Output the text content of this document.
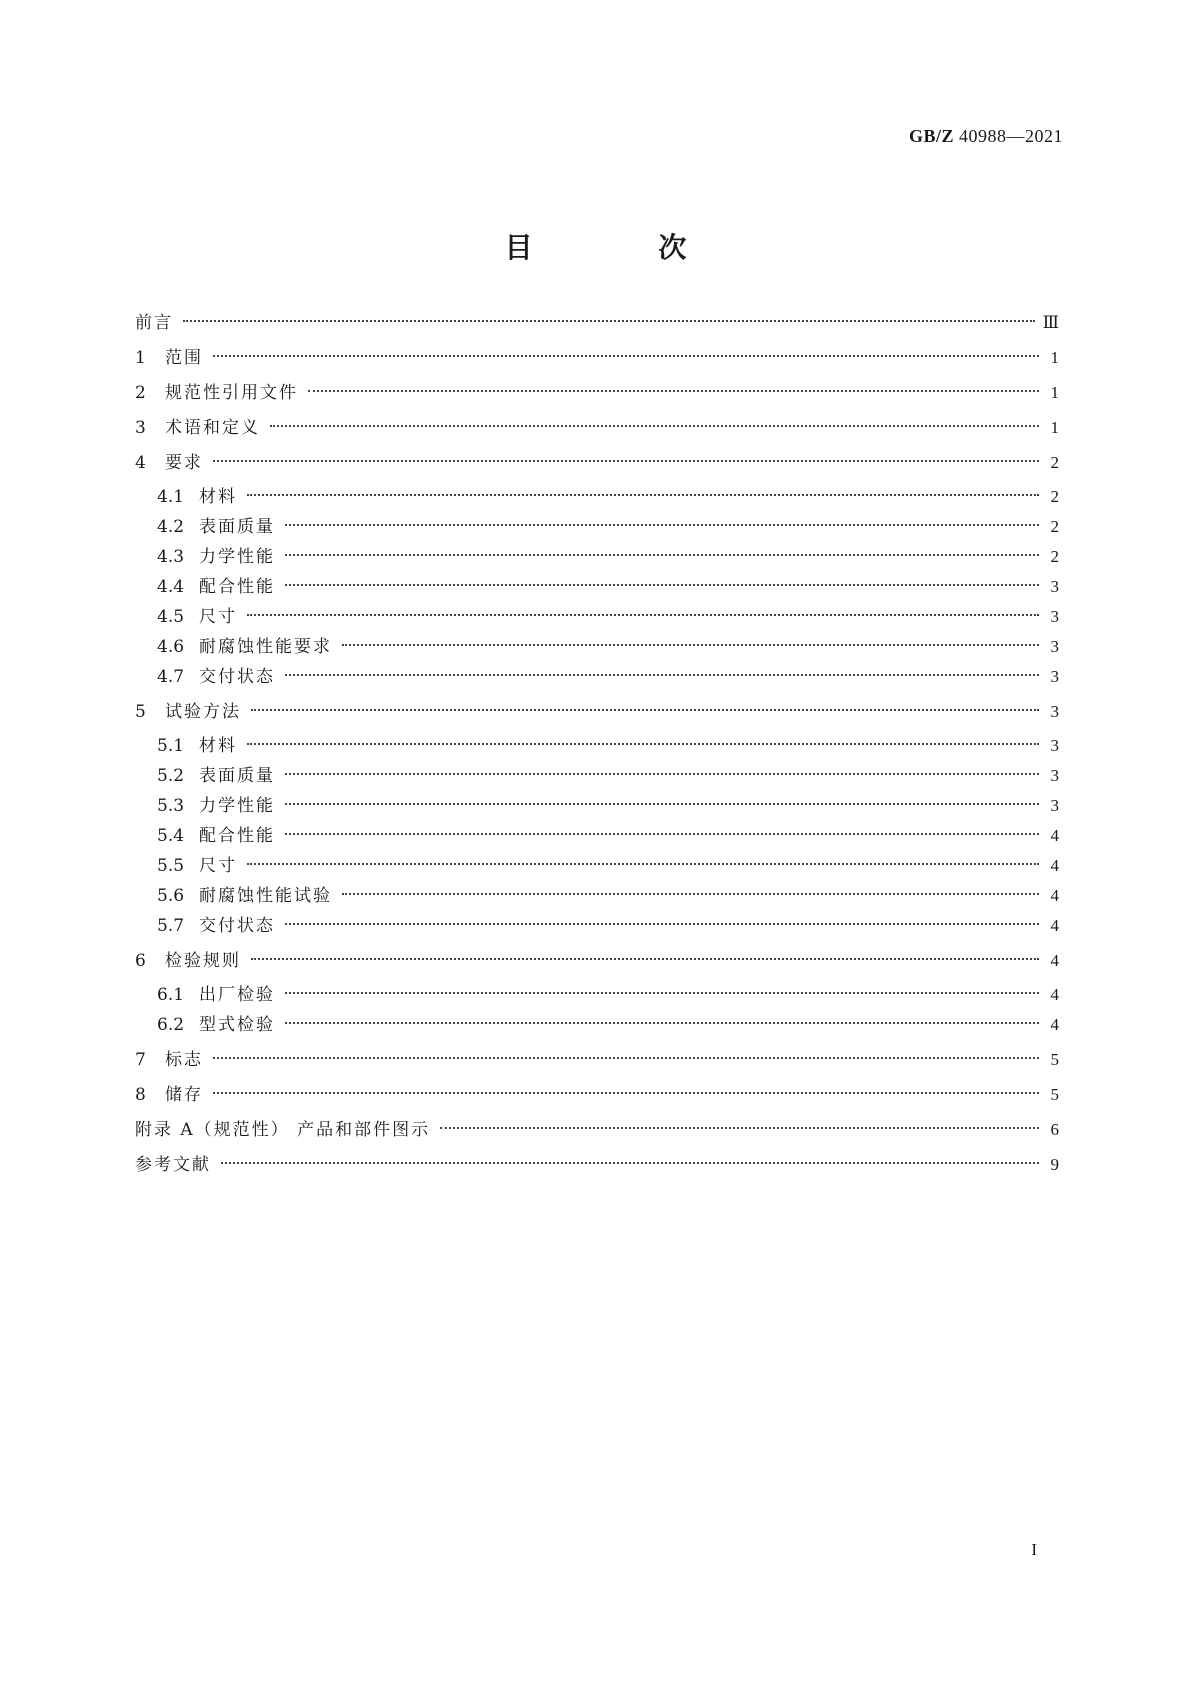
GB/Z 40988—2021
目 次
前言	Ⅲ
1	范围	1
2	规范性引用文件	1
3	术语和定义	1
4	要求	2
4.1 材料	2
4.2 表面质量	2
4.3 力学性能	2
4.4 配合性能	3
4.5 尺寸	3
4.6 耐腐蚀性能要求	3
4.7 交付状态	3
5	试验方法	3
5.1 材料	3
5.2 表面质量	3
5.3 力学性能	3
5.4 配合性能	4
5.5 尺寸	4
5.6 耐腐蚀性能试验	4
5.7 交付状态	4
6	检验规则	4
6.1 出厂检验	4
6.2 型式检验	4
7	标志	5
8	储存	5
附录 A（规范性） 产品和部件图示	6
参考文献	9
I
